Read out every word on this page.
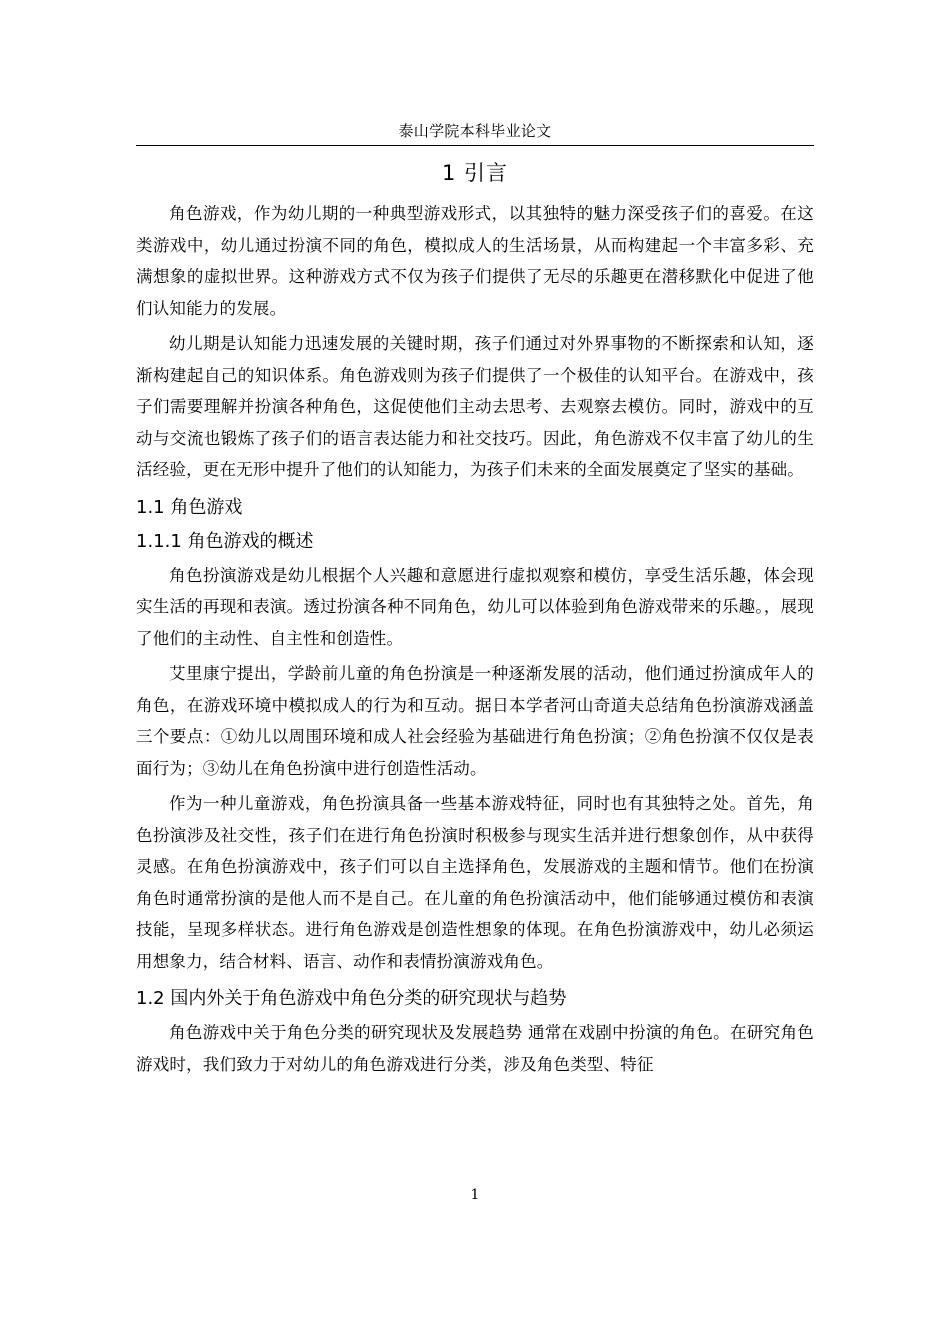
泰山学院本科毕业论文
1 引言

角色游戏，作为幼儿期的一种典型游戏形式，以其独特的魅力深受孩子们的喜爱。在这类游戏中，幼儿通过扮演不同的角色，模拟成人的生活场景，从而构建起一个丰富多彩、充满想象的虚拟世界。这种游戏方式不仅为孩子们提供了无尽的乐趣更在潜移默化中促进了他们认知能力的发展。

幼儿期是认知能力迅速发展的关键时期，孩子们通过对外界事物的不断探索和认知，逐渐构建起自己的知识体系。角色游戏则为孩子们提供了一个极佳的认知平台。在游戏中，孩子们需要理解并扮演各种角色，这促使他们主动去思考、去观察去模仿。同时，游戏中的互动与交流也锻炼了孩子们的语言表达能力和社交技巧。因此，角色游戏不仅丰富了幼儿的生活经验，更在无形中提升了他们的认知能力，为孩子们未来的全面发展奠定了坚实的基础。

1.1 角色游戏
1.1.1 角色游戏的概述

角色扮演游戏是幼儿根据个人兴趣和意愿进行虚拟观察和模仿，享受生活乐趣，体会现实生活的再现和表演。透过扮演各种不同角色，幼儿可以体验到角色游戏带来的乐趣。，展现了他们的主动性、自主性和创造性。

艾里康宁提出，学龄前儿童的角色扮演是一种逐渐发展的活动，他们通过扮演成年人的角色，在游戏环境中模拟成人的行为和互动。据日本学者河山奇道夫总结角色扮演游戏涵盖三个要点：①幼儿以周围环境和成人社会经验为基础进行角色扮演；②角色扮演不仅仅是表面行为；③幼儿在角色扮演中进行创造性活动。

作为一种儿童游戏，角色扮演具备一些基本游戏特征，同时也有其独特之处。首先，角色扮演涉及社交性，孩子们在进行角色扮演时积极参与现实生活并进行想象创作，从中获得灵感。在角色扮演游戏中，孩子们可以自主选择角色，发展游戏的主题和情节。他们在扮演角色时通常扮演的是他人而不是自己。在儿童的角色扮演活动中，他们能够通过模仿和表演技能，呈现多样状态。进行角色游戏是创造性想象的体现。在角色扮演游戏中，幼儿必须运用想象力，结合材料、语言、动作和表情扮演游戏角色。

1.2 国内外关于角色游戏中角色分类的研究现状与趋势

角色游戏中关于角色分类的研究现状及发展趋势 通常在戏剧中扮演的角色。在研究角色游戏时，我们致力于对幼儿的角色游戏进行分类，涉及角色类型、特征

1
